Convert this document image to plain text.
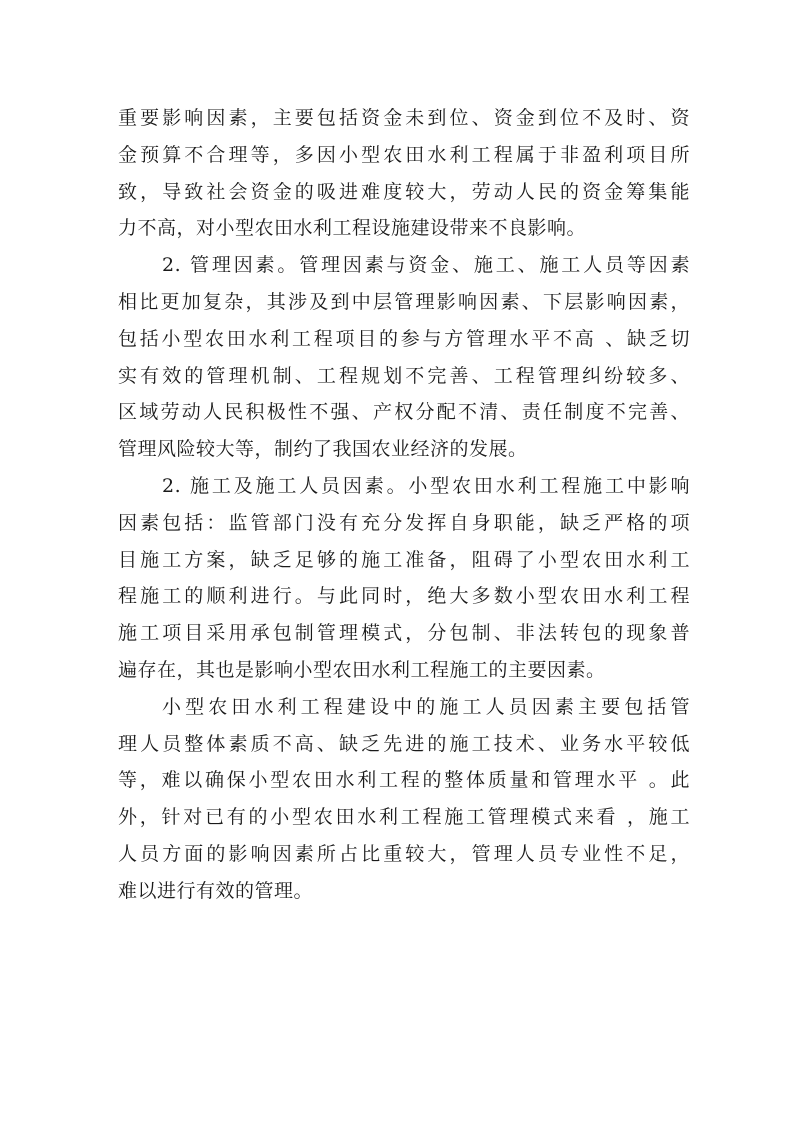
重要影响因素，主要包括资金未到位、资金到位不及时、资
金预算不合理等，多因小型农田水利工程属于非盈利项目所
致，导致社会资金的吸进难度较大，劳动人民的资金筹集能
力不高，对小型农田水利工程设施建设带来不良影响。
2. 管理因素。管理因素与资金、施工、施工人员等因素
相比更加复杂，其涉及到中层管理影响因素、下层影响因素，
包括小型农田水利工程项目的参与方管理水平不高 、缺乏切
实有效的管理机制、工程规划不完善、工程管理纠纷较多、
区域劳动人民积极性不强、产权分配不清、责任制度不完善、
管理风险较大等，制约了我国农业经济的发展。
2. 施工及施工人员因素。小型农田水利工程施工中影响
因素包括：监管部门没有充分发挥自身职能，缺乏严格的项
目施工方案，缺乏足够的施工准备，阻碍了小型农田水利工
程施工的顺利进行。与此同时，绝大多数小型农田水利工程
施工项目采用承包制管理模式，分包制、非法转包的现象普
遍存在，其也是影响小型农田水利工程施工的主要因素。
小型农田水利工程建设中的施工人员因素主要包括管
理人员整体素质不高、缺乏先进的施工技术、业务水平较低
等，难以确保小型农田水利工程的整体质量和管理水平 。此
外，针对已有的小型农田水利工程施工管理模式来看 ，施工
人员方面的影响因素所占比重较大，管理人员专业性不足，
难以进行有效的管理。
